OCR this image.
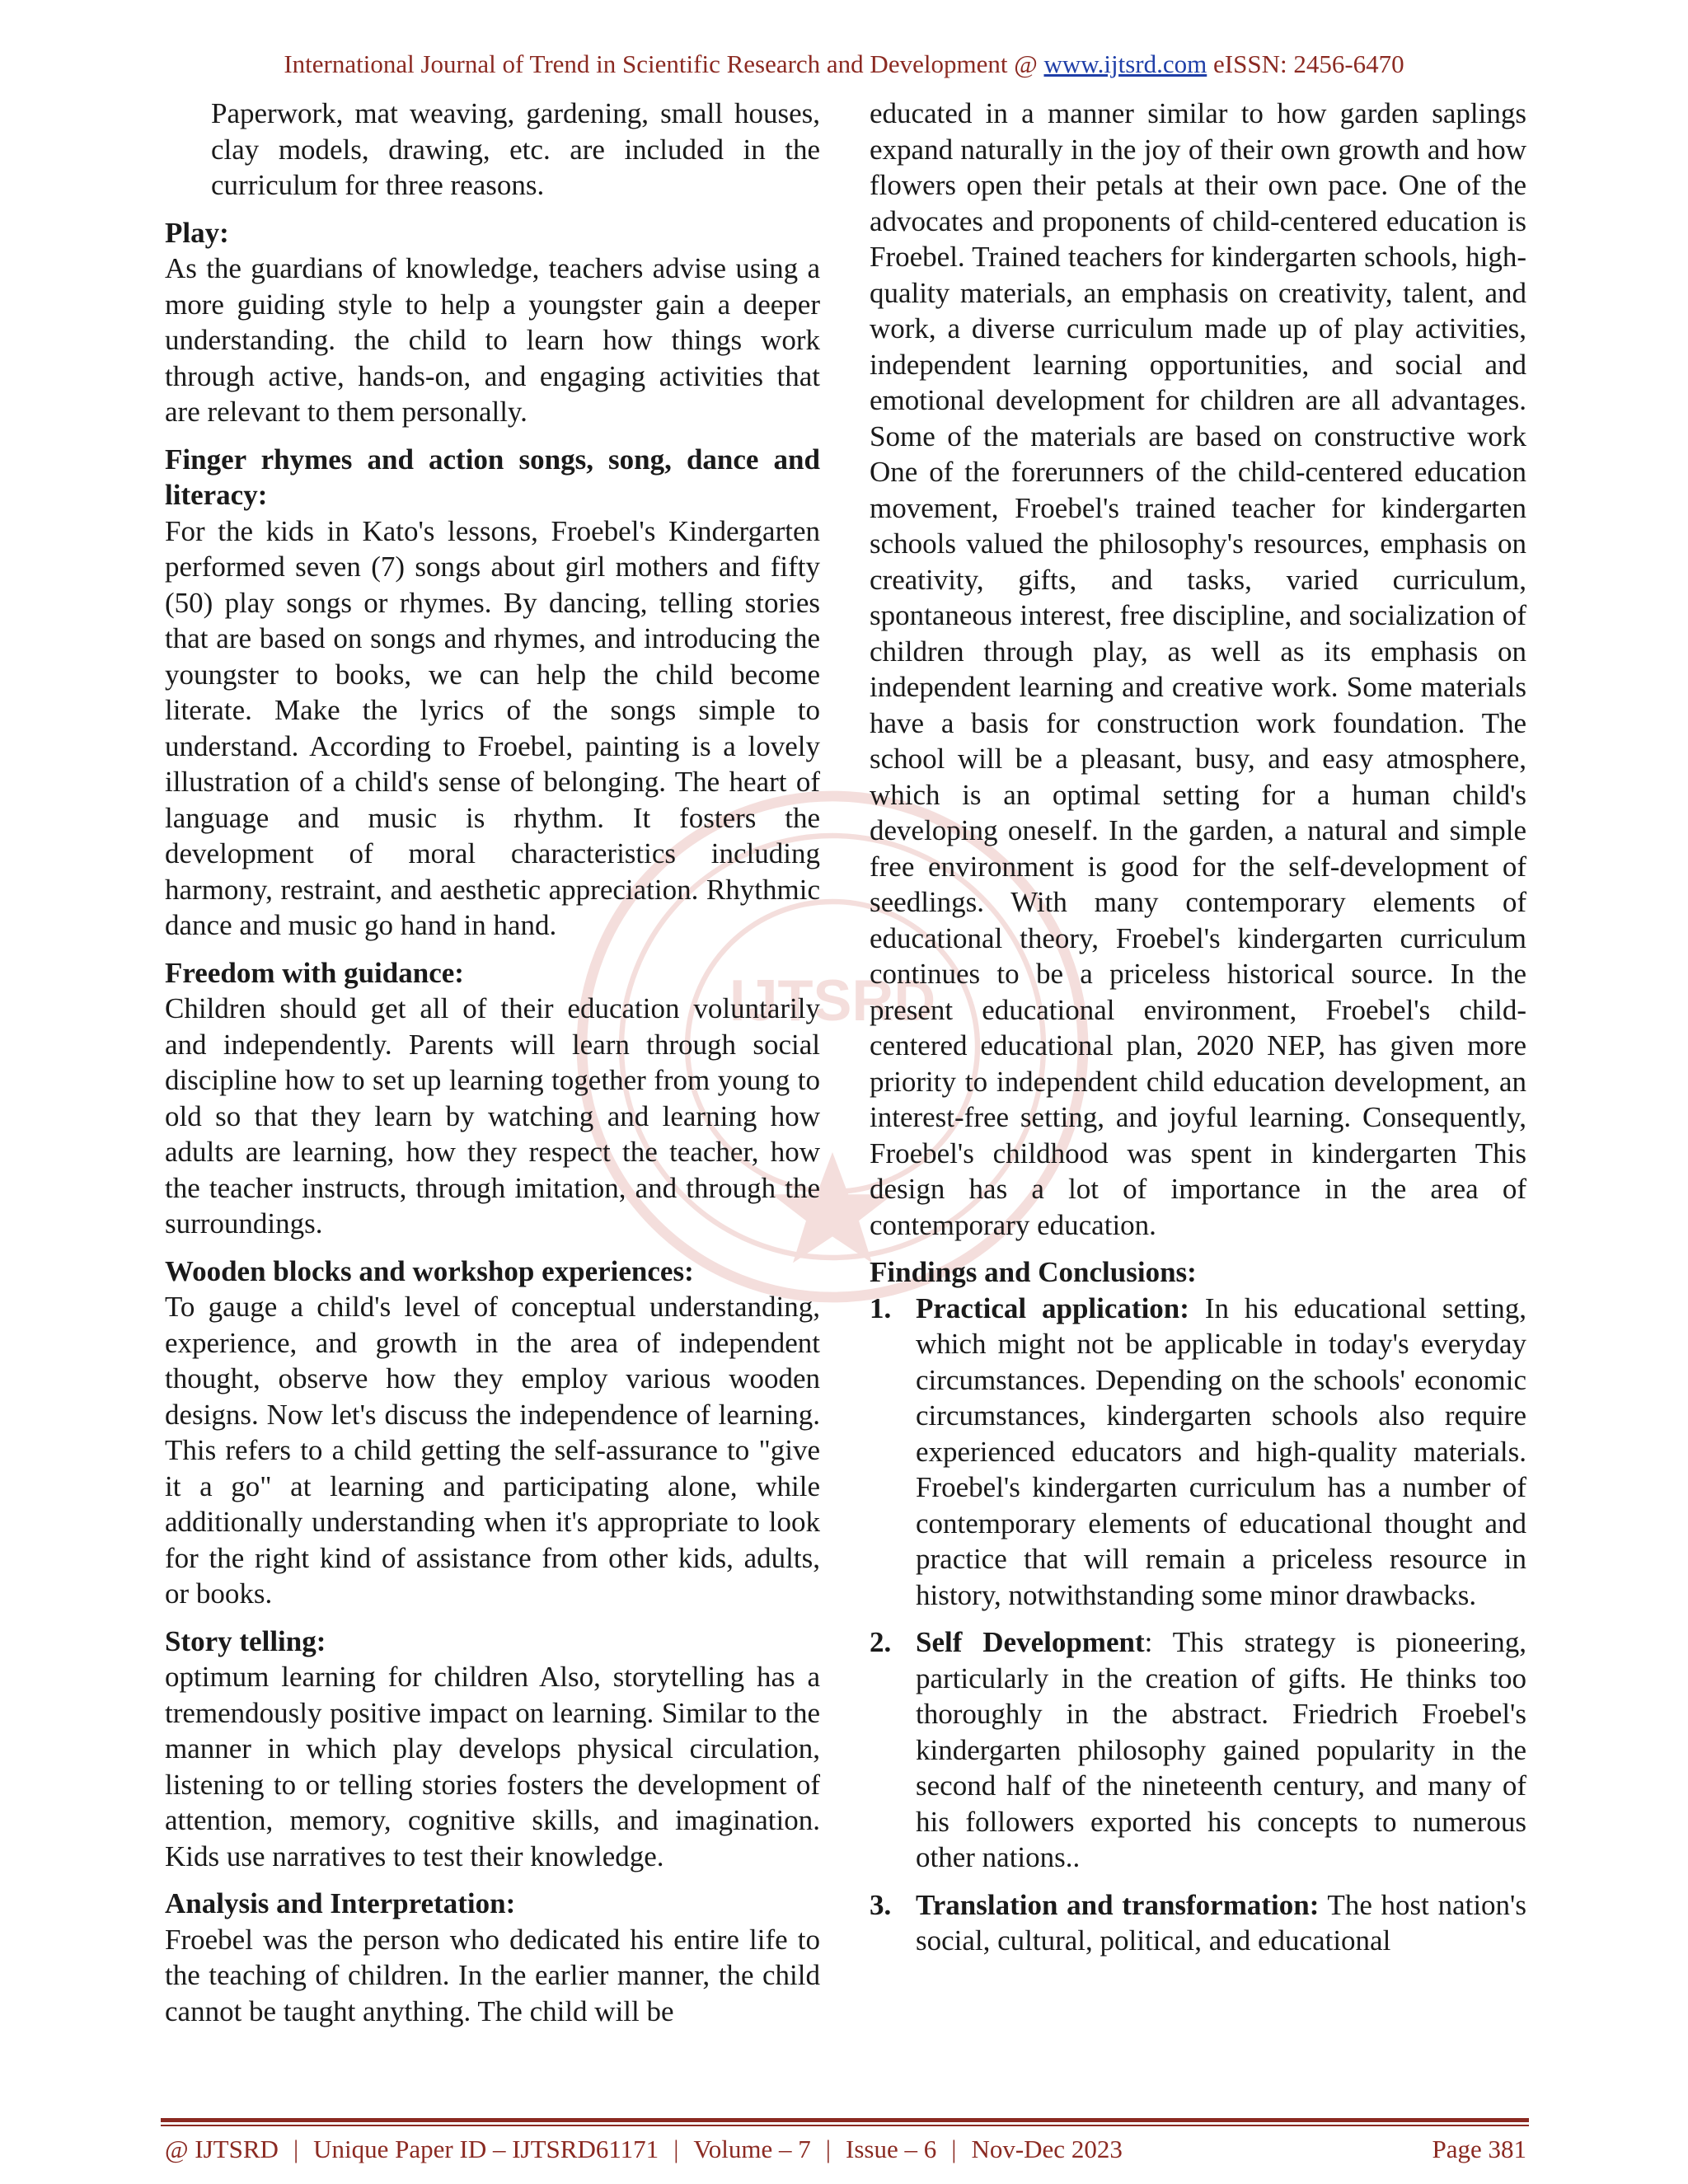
International Journal of Trend in Scientific Research and Development @ www.ijtsrd.com eISSN: 2456-6470
IJTSRD

Paperwork, mat weaving, gardening, small houses, clay models, drawing, etc. are included in the curriculum for three reasons.

Play:

As the guardians of knowledge, teachers advise using a more guiding style to help a youngster gain a deeper understanding. the child to learn how things work through active, hands-on, and engaging activities that are relevant to them personally.

Finger rhymes and action songs, song, dance and literacy:

For the kids in Kato's lessons, Froebel's Kindergarten performed seven (7) songs about girl mothers and fifty (50) play songs or rhymes. By dancing, telling stories that are based on songs and rhymes, and introducing the youngster to books, we can help the child become literate. Make the lyrics of the songs simple to understand. According to Froebel, painting is a lovely illustration of a child's sense of belonging. The heart of language and music is rhythm. It fosters the development of moral characteristics including harmony, restraint, and aesthetic appreciation. Rhythmic dance and music go hand in hand.

Freedom with guidance:

Children should get all of their education voluntarily and independently. Parents will learn through social discipline how to set up learning together from young to old so that they learn by watching and learning how adults are learning, how they respect the teacher, how the teacher instructs, through imitation, and through the surroundings.

Wooden blocks and workshop experiences:

To gauge a child's level of conceptual understanding, experience, and growth in the area of independent thought, observe how they employ various wooden designs. Now let's discuss the independence of learning. This refers to a child getting the self-assurance to "give it a go" at learning and participating alone, while additionally understanding when it's appropriate to look for the right kind of assistance from other kids, adults, or books.

Story telling:

optimum learning for children Also, storytelling has a tremendously positive impact on learning. Similar to the manner in which play develops physical circulation, listening to or telling stories fosters the development of attention, memory, cognitive skills, and imagination. Kids use narratives to test their knowledge.

Analysis and Interpretation:

Froebel was the person who dedicated his entire life to the teaching of children. In the earlier manner, the child cannot be taught anything. The child will be

educated in a manner similar to how garden saplings expand naturally in the joy of their own growth and how flowers open their petals at their own pace. One of the advocates and proponents of child-centered education is Froebel. Trained teachers for kindergarten schools, high-quality materials, an emphasis on creativity, talent, and work, a diverse curriculum made up of play activities, independent learning opportunities, and social and emotional development for children are all advantages. Some of the materials are based on constructive work One of the forerunners of the child-centered education movement, Froebel's trained teacher for kindergarten schools valued the philosophy's resources, emphasis on creativity, gifts, and tasks, varied curriculum, spontaneous interest, free discipline, and socialization of children through play, as well as its emphasis on independent learning and creative work. Some materials have a basis for construction work foundation. The school will be a pleasant, busy, and easy atmosphere, which is an optimal setting for a human child's developing oneself. In the garden, a natural and simple free environment is good for the self-development of seedlings. With many contemporary elements of educational theory, Froebel's kindergarten curriculum continues to be a priceless historical source. In the present educational environment, Froebel's child-centered educational plan, 2020 NEP, has given more priority to independent child education development, an interest-free setting, and joyful learning. Consequently, Froebel's childhood was spent in kindergarten This design has a lot of importance in the area of contemporary education.

Findings and Conclusions:
1. Practical application: In his educational setting, which might not be applicable in today's everyday circumstances. Depending on the schools' economic circumstances, kindergarten schools also require experienced educators and high-quality materials. Froebel's kindergarten curriculum has a number of contemporary elements of educational thought and practice that will remain a priceless resource in history, notwithstanding some minor drawbacks.
2. Self Development: This strategy is pioneering, particularly in the creation of gifts. He thinks too thoroughly in the abstract. Friedrich Froebel's kindergarten philosophy gained popularity in the second half of the nineteenth century, and many of his followers exported his concepts to numerous other nations..
3. Translation and transformation: The host nation's social, cultural, political, and educational
@ IJTSRD | Unique Paper ID – IJTSRD61171 | Volume – 7 | Issue – 6 | Nov-Dec 2023	Page 381
